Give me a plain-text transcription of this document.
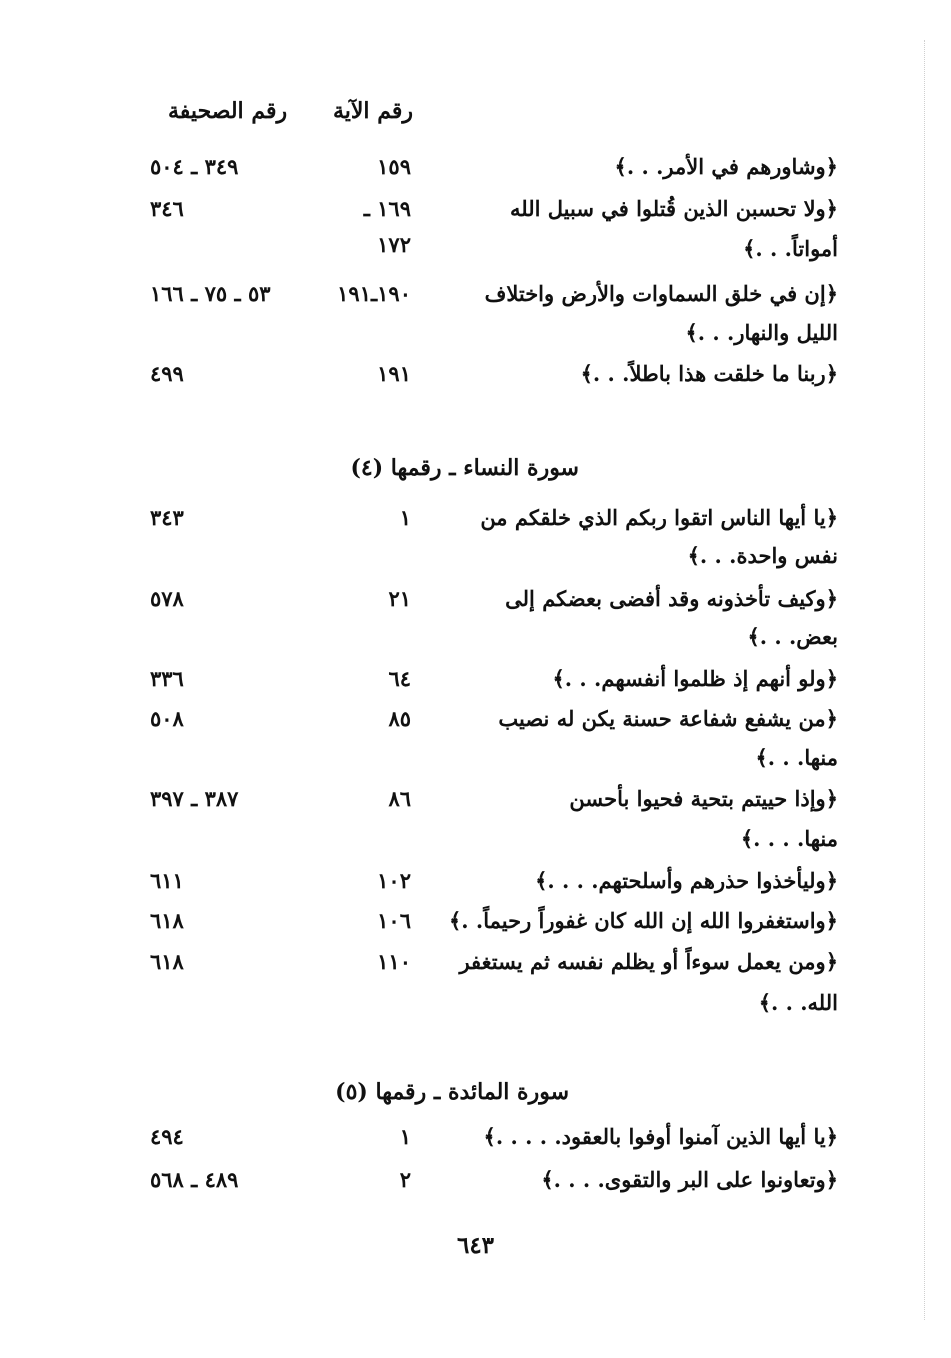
رقم الآية
رقم الصحيفة
﴿وشاورهم في الأمر. . .﴾
١٥٩
٣٤٩ ـ ٥٠٤
﴿ولا تحسبن الذين قُتلوا في سبيل الله
١٦٩ ـ
٣٤٦
أمواتاً. . .﴾
١٧٢
﴿إن في خلق السماوات والأرض واختلاف
١٩٠ـ١٩١
٥٣ ـ ٧٥ ـ ١٦٦
الليل والنهار. . .﴾
﴿ربنا ما خلقت هذا باطلاً. . .﴾
١٩١
٤٩٩
سورة النساء ـ رقمها (٤)
﴿يا أيها الناس اتقوا ربكم الذي خلقكم من
١
٣٤٣
نفس واحدة. . .﴾
﴿وكيف تأخذونه وقد أفضى بعضكم إلى
٢١
٥٧٨
بعض. . .﴾
﴿ولو أنهم إذ ظلموا أنفسهم. . .﴾
٦٤
٣٣٦
﴿من يشفع شفاعة حسنة يكن له نصيب
٨٥
٥٠٨
منها. . .﴾
﴿وإذا حييتم بتحية فحيوا بأحسن
٨٦
٣٨٧ ـ ٣٩٧
منها. . . .﴾
﴿وليأخذوا حذرهم وأسلحتهم. . . .﴾
١٠٢
٦١١
﴿واستغفروا الله إن الله كان غفوراً رحيماً. .﴾
١٠٦
٦١٨
﴿ومن يعمل سوءاً أو يظلم نفسه ثم يستغفر
١١٠
٦١٨
الله. . .﴾
سورة المائدة ـ رقمها (٥)
﴿يا أيها الذين آمنوا أوفوا بالعقود. . . . .﴾
١
٤٩٤
﴿وتعاونوا على البر والتقوى. . . .﴾
٢
٤٨٩ ـ ٥٦٨
٦٤٣
